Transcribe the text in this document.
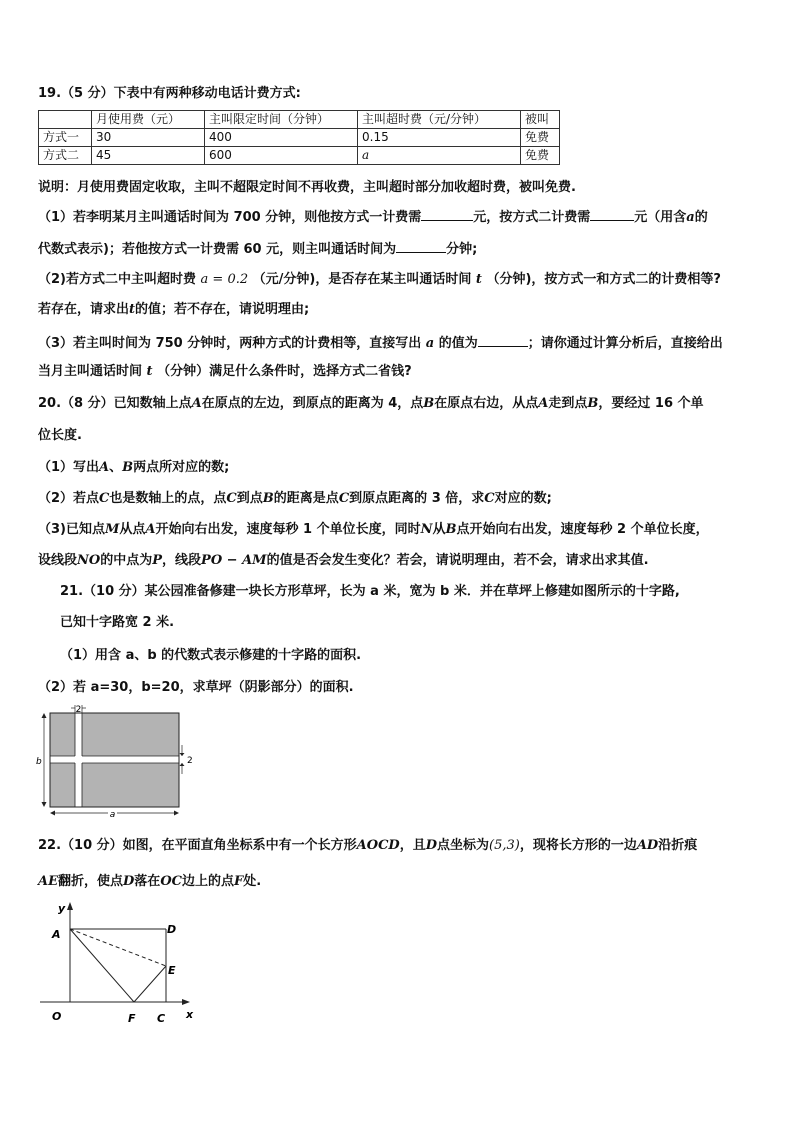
19.（5 分）下表中有两种移动电话计费方式:
	月使用费（元）	主叫限定时间（分钟）	主叫超时费（元/分钟）	被叫
方式一	30	400	0.15	免费
方式二	45	600	a	免费
说明：月使用费固定收取，主叫不超限定时间不再收费，主叫超时部分加收超时费，被叫免费.
（1）若李明某月主叫通话时间为 700 分钟，则他按方式一计费需	元，按方式二计费需	元（用含a的
代数式表示)；若他按方式一计费需 60 元，则主叫通话时间为	分钟;
（2)若方式二中主叫超时费 a = 0.2 （元/分钟)，是否存在某主叫通话时间 t （分钟)，按方式一和方式二的计费相等?
若存在，请求出t的值；若不存在，请说明理由;
（3）若主叫时间为 750 分钟时，两种方式的计费相等，直接写出 a 的值为	；请你通过计算分析后，直接给出
当月主叫通话时间 t （分钟）满足什么条件时，选择方式二省钱?
20.（8 分）已知数轴上点A在原点的左边，到原点的距离为 4，点B在原点右边，从点A走到点B，要经过 16 个单
位长度.
（1）写出A、B两点所对应的数;
（2）若点C也是数轴上的点，点C到点B的距离是点C到原点距离的 3 倍，求C对应的数;
（3)已知点M从点A开始向右出发，速度每秒 1 个单位长度，同时N从B点开始向右出发，速度每秒 2 个单位长度，
设线段NO的中点为P，线段PO − AM的值是否会发生变化？若会，请说明理由，若不会，请求出求其值.
21.（10 分）某公园准备修建一块长方形草坪，长为 a 米，宽为 b 米．并在草坪上修建如图所示的十字路,
已知十字路宽 2 米.
（1）用含 a、b 的代数式表示修建的十字路的面积.
（2）若 a=30，b=20，求草坪（阴影部分）的面积.
2
2
b
a
22.（10 分）如图，在平面直角坐标系中有一个长方形AOCD，且D点坐标为(5,3)，现将长方形的一边AD沿折痕
AE翻折，使点D落在OC边上的点F处.
y
x
A	D
E
O	F C
